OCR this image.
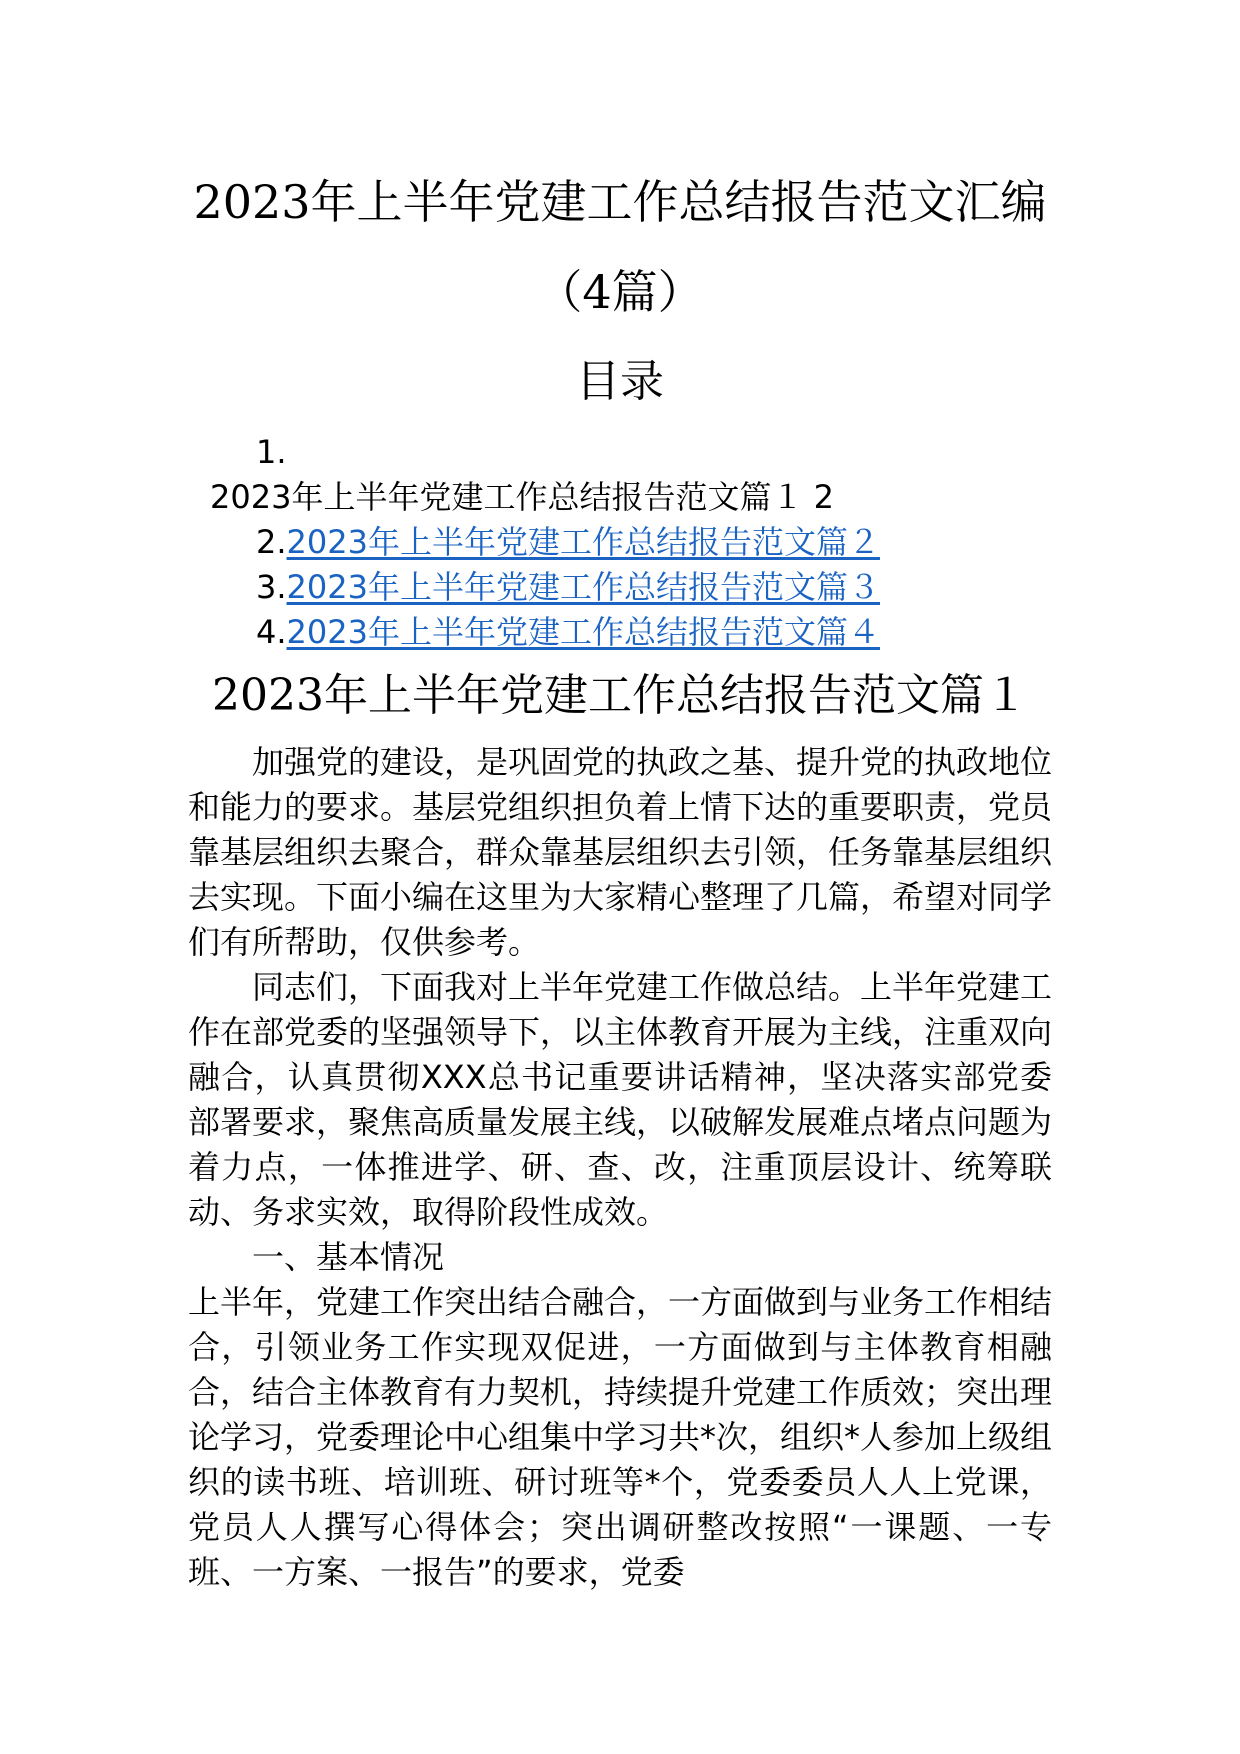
2023年上半年党建工作总结报告范文汇编
（4篇）
目录
1.
2023年上半年党建工作总结报告范文篇１ 2
2.2023年上半年党建工作总结报告范文篇２
3.2023年上半年党建工作总结报告范文篇３
4.2023年上半年党建工作总结报告范文篇４
2023年上半年党建工作总结报告范文篇１

加强党的建设，是巩固党的执政之基、提升党的执政地位和能力的要求。基层党组织担负着上情下达的重要职责，党员靠基层组织去聚合，群众靠基层组织去引领，任务靠基层组织去实现。下面小编在这里为大家精心整理了几篇，希望对同学们有所帮助，仅供参考。

同志们，下面我对上半年党建工作做总结。上半年党建工作在部党委的坚强领导下，以主体教育开展为主线，注重双向融合，认真贯彻XXX总书记重要讲话精神，坚决落实部党委部署要求，聚焦高质量发展主线，以破解发展难点堵点问题为着力点，一体推进学、研、查、改，注重顶层设计、统筹联动、务求实效，取得阶段性成效。

一、基本情况

上半年，党建工作突出结合融合，一方面做到与业务工作相结合，引领业务工作实现双促进，一方面做到与主体教育相融合，结合主体教育有力契机，持续提升党建工作质效；突出理论学习，党委理论中心组集中学习共*次，组织*人参加上级组织的读书班、培训班、研讨班等*个，党委委员人人上党课，党员人人撰写心得体会；突出调研整改按照“一课题、一专班、一方案、一报告”的要求，党委
